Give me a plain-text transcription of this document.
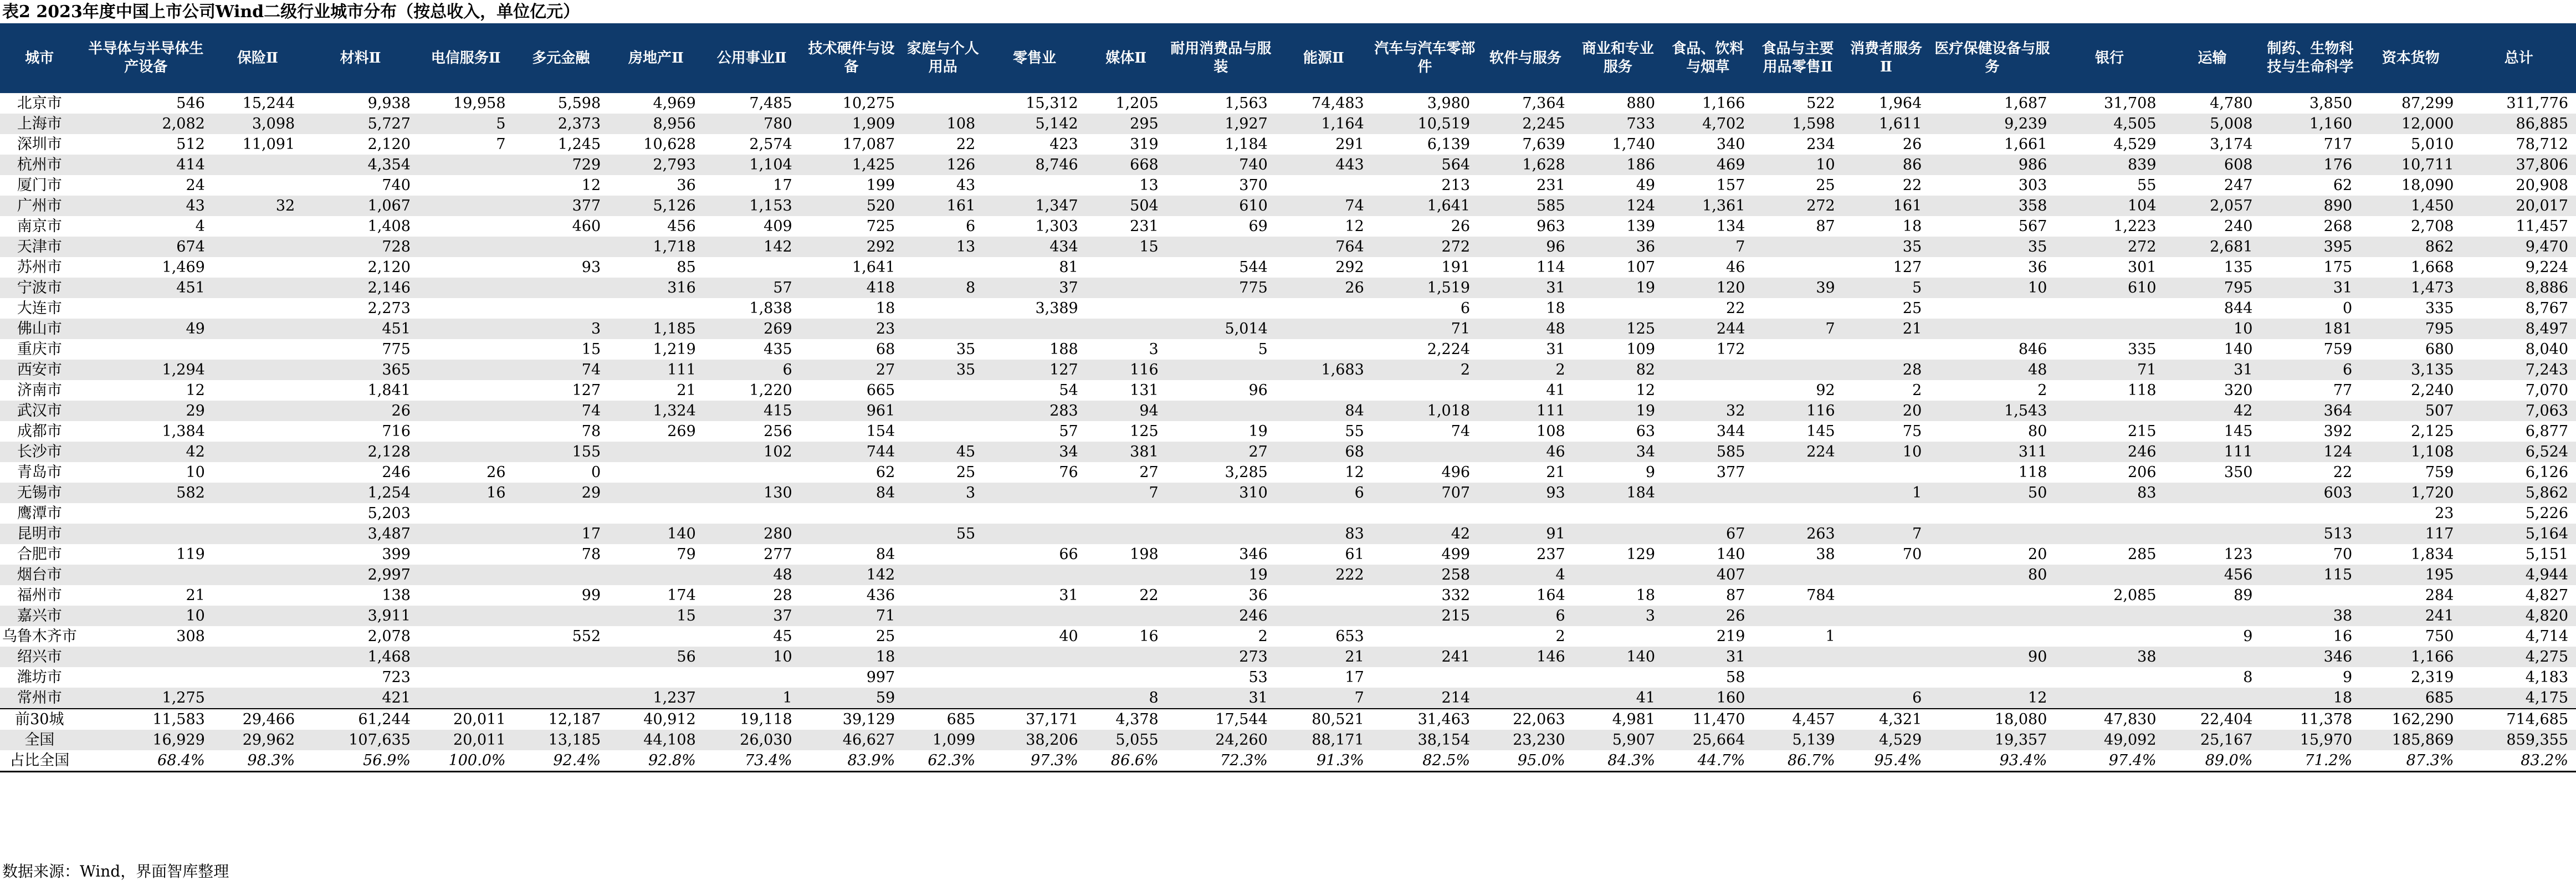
表2 2023年度中国上市公司Wind二级行业城市分布（按总收入，单位亿元）
城市	半导体与半导体生产设备	保险Ⅱ	材料Ⅱ	电信服务Ⅱ	多元金融	房地产Ⅱ	公用事业Ⅱ	技术硬件与设备	家庭与个人用品	零售业	媒体Ⅱ	耐用消费品与服装	能源Ⅱ	汽车与汽车零部件	软件与服务	商业和专业服务	食品、饮料与烟草	食品与主要用品零售Ⅱ	消费者服务Ⅱ	医疗保健设备与服务	银行	运输	制药、生物科技与生命科学	资本货物	总计
北京市	546	15,244	9,938	19,958	5,598	4,969	7,485	10,275		15,312	1,205	1,563	74,483	3,980	7,364	880	1,166	522	1,964	1,687	31,708	4,780	3,850	87,299	311,776
上海市	2,082	3,098	5,727	5	2,373	8,956	780	1,909	108	5,142	295	1,927	1,164	10,519	2,245	733	4,702	1,598	1,611	9,239	4,505	5,008	1,160	12,000	86,885
深圳市	512	11,091	2,120	7	1,245	10,628	2,574	17,087	22	423	319	1,184	291	6,139	7,639	1,740	340	234	26	1,661	4,529	3,174	717	5,010	78,712
杭州市	414		4,354		729	2,793	1,104	1,425	126	8,746	668	740	443	564	1,628	186	469	10	86	986	839	608	176	10,711	37,806
厦门市	24		740		12	36	17	199	43		13	370		213	231	49	157	25	22	303	55	247	62	18,090	20,908
广州市	43	32	1,067		377	5,126	1,153	520	161	1,347	504	610	74	1,641	585	124	1,361	272	161	358	104	2,057	890	1,450	20,017
南京市	4		1,408		460	456	409	725	6	1,303	231	69	12	26	963	139	134	87	18	567	1,223	240	268	2,708	11,457
天津市	674		728			1,718	142	292	13	434	15		764	272	96	36	7		35	35	272	2,681	395	862	9,470
苏州市	1,469		2,120		93	85		1,641		81		544	292	191	114	107	46		127	36	301	135	175	1,668	9,224
宁波市	451		2,146			316	57	418	8	37		775	26	1,519	31	19	120	39	5	10	610	795	31	1,473	8,886
大连市			2,273				1,838	18		3,389				6	18		22		25			844	0	335	8,767
佛山市	49		451		3	1,185	269	23				5,014		71	48	125	244	7	21			10	181	795	8,497
重庆市			775		15	1,219	435	68	35	188	3	5		2,224	31	109	172			846	335	140	759	680	8,040
西安市	1,294		365		74	111	6	27	35	127	116		1,683	2	2	82			28	48	71	31	6	3,135	7,243
济南市	12		1,841		127	21	1,220	665		54	131	96			41	12		92	2	2	118	320	77	2,240	7,070
武汉市	29		26		74	1,324	415	961		283	94		84	1,018	111	19	32	116	20	1,543		42	364	507	7,063
成都市	1,384		716		78	269	256	154		57	125	19	55	74	108	63	344	145	75	80	215	145	392	2,125	6,877
长沙市	42		2,128		155		102	744	45	34	381	27	68		46	34	585	224	10	311	246	111	124	1,108	6,524
青岛市	10		246	26	0			62	25	76	27	3,285	12	496	21	9	377			118	206	350	22	759	6,126
无锡市	582		1,254	16	29		130	84	3		7	310	6	707	93	184			1	50	83		603	1,720	5,862
鹰潭市			5,203																					23	5,226
昆明市			3,487		17	140	280		55				83	42	91		67	263	7				513	117	5,164
合肥市	119		399		78	79	277	84		66	198	346	61	499	237	129	140	38	70	20	285	123	70	1,834	5,151
烟台市			2,997				48	142				19	222	258	4		407			80		456	115	195	4,944
福州市	21		138		99	174	28	436		31	22	36		332	164	18	87	784			2,085	89		284	4,827
嘉兴市	10		3,911			15	37	71				246		215	6	3	26						38	241	4,820
乌鲁木齐市	308		2,078		552		45	25		40	16	2	653		2		219	1				9	16	750	4,714
绍兴市			1,468			56	10	18				273	21	241	146	140	31			90	38		346	1,166	4,275
潍坊市			723					997				53	17				58					8	9	2,319	4,183
常州市	1,275		421			1,237	1	59			8	31	7	214		41	160		6	12			18	685	4,175
前30城	11,583	29,466	61,244	20,011	12,187	40,912	19,118	39,129	685	37,171	4,378	17,544	80,521	31,463	22,063	4,981	11,470	4,457	4,321	18,080	47,830	22,404	11,378	162,290	714,685
全国	16,929	29,962	107,635	20,011	13,185	44,108	26,030	46,627	1,099	38,206	5,055	24,260	88,171	38,154	23,230	5,907	25,664	5,139	4,529	19,357	49,092	25,167	15,970	185,869	859,355
占比全国	68.4%	98.3%	56.9%	100.0%	92.4%	92.8%	73.4%	83.9%	62.3%	97.3%	86.6%	72.3%	91.3%	82.5%	95.0%	84.3%	44.7%	86.7%	95.4%	93.4%	97.4%	89.0%	71.2%	87.3%	83.2%
数据来源：Wind，界面智库整理
